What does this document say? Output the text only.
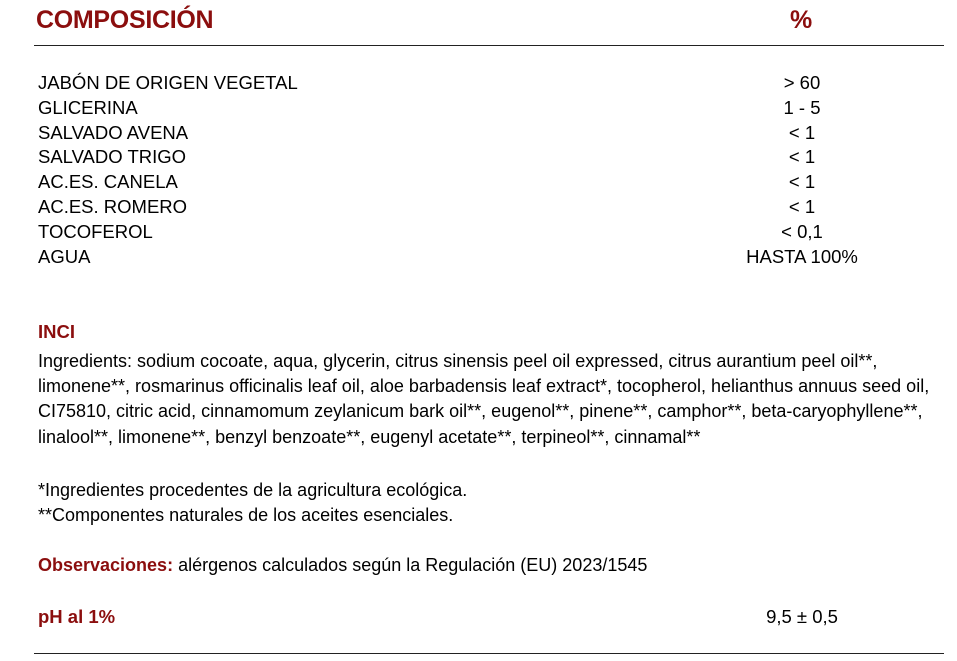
COMPOSICIÓN	%
JABÓN DE ORIGEN VEGETAL	> 60
GLICERINA	1 - 5
SALVADO AVENA	< 1
SALVADO TRIGO	< 1
AC.ES. CANELA	< 1
AC.ES. ROMERO	< 1
TOCOFEROL	< 0,1
AGUA	HASTA 100%
INCI

Ingredients: sodium cocoate, aqua, glycerin, citrus sinensis peel oil expressed, citrus aurantium peel oil**, limonene**, rosmarinus officinalis leaf oil, aloe barbadensis leaf extract*, tocopherol, helianthus annuus seed oil, CI75810, citric acid, cinnamomum zeylanicum bark oil**, eugenol**, pinene**, camphor**, beta-caryophyllene**, linalool**, limonene**, benzyl benzoate**, eugenyl acetate**, terpineol**, cinnamal**

*Ingredientes procedentes de la agricultura ecológica.
**Componentes naturales de los aceites esenciales.
Observaciones: alérgenos calculados según la Regulación (EU) 2023/1545
pH al 1%	9,5 ± 0,5
